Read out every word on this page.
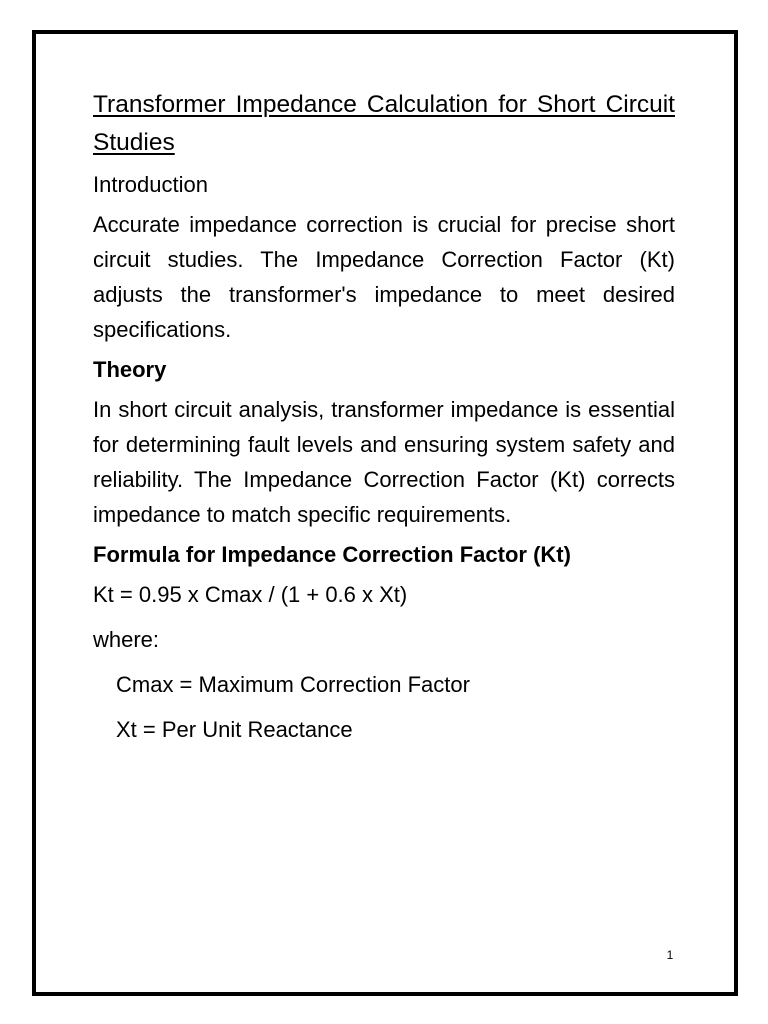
Transformer Impedance Calculation for Short Circuit Studies
Introduction

Accurate impedance correction is crucial for precise short circuit studies. The Impedance Correction Factor (Kt) adjusts the transformer's impedance to meet desired specifications.

Theory

In short circuit analysis, transformer impedance is essential for determining fault levels and ensuring system safety and reliability. The Impedance Correction Factor (Kt) corrects impedance to match specific requirements.

Formula for Impedance Correction Factor (Kt)
Kt = 0.95 x Cmax / (1 + 0.6 x Xt)
where:
Cmax = Maximum Correction Factor
Xt = Per Unit Reactance
1
